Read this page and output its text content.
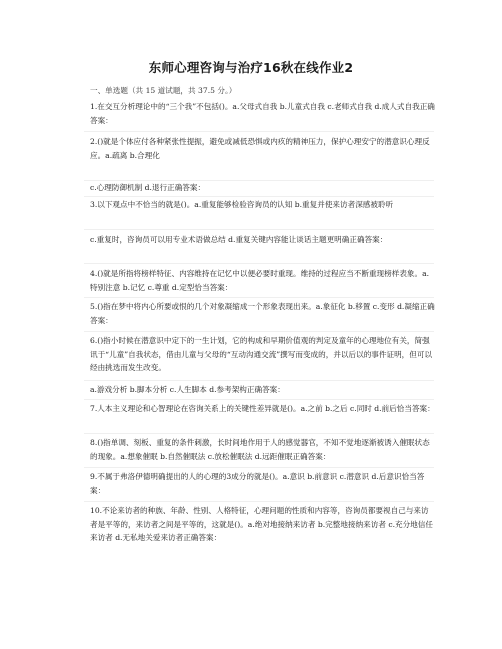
东师心理咨询与治疗16秋在线作业2
一、单选题（共 15 道试题，共 37.5 分。）
1.在交互分析理论中的“三个我”不包括()。a.父母式自我 b.儿童式自我 c.老师式自我 d.成人式自我正确答案：
2.()就是个体应付各种紧张性提振，避免或减低恐惧或内疚的精神压力，保护心理安宁的潜意识心理反应。a.疏离 b.合理化
c.心理防御机制 d.退行正确答案：
3.以下观点中不恰当的就是()。a.重复能够检验咨询员的认知 b.重复并使来访者深感被聆听
c.重复时，咨询员可以用专业术语做总结 d.重复关键内容能让谈话主题更明确正确答案：
4.()就是所指将榜样特征、内容维持在记忆中以便必要时重现。维持的过程应当不断重现榜样表象。a.特别注意 b.记忆 c.尊重 d.定型恰当答案：
5.()指在梦中将内心所要或恨的几个对象凝缩成一个形象表现出来。a.象征化 b.移置 c.变形 d.凝缩正确答案：
6.()指小时候在潜意识中定下的一生计划，它的构成和早期价值观的判定及童年的心理地位有关，简强讯于“儿童”自我状态，借由儿童与父母的“互动沟通交流”撰写而变成的，并以后以的事件证明，但可以经由挑选而发生改变。
a.游戏分析 b.脚本分析 c.人生脚本 d.参考架构正确答案：
7.人本主义理论和心智理论在咨询关系上的关键性差异就是()。a.之前 b.之后 c.同时 d.前后恰当答案：
8.()指单调、刻板、重复的条件刺激，长时间地作用于人的感觉器官，不知不觉地逐渐被诱入催眠状态的现象。a.想象催眠 b.自然催眠法 c.放松催眠法 d.远距催眠正确答案：
9.不属于弗洛伊德明确提出的人的心理的3成分的就是()。a.意识 b.前意识 c.潜意识 d.后意识恰当答案：
10.不论来访者的种族、年龄、性别、人格特征，心理问题的性质和内容等，咨询员都要视自己与来访者是平等的，来访者之间是平等的，这就是()。a.绝对地接纳来访者 b.完整地接纳来访者 c.充分地信任来访者 d.无私地关爱来访者正确答案：
